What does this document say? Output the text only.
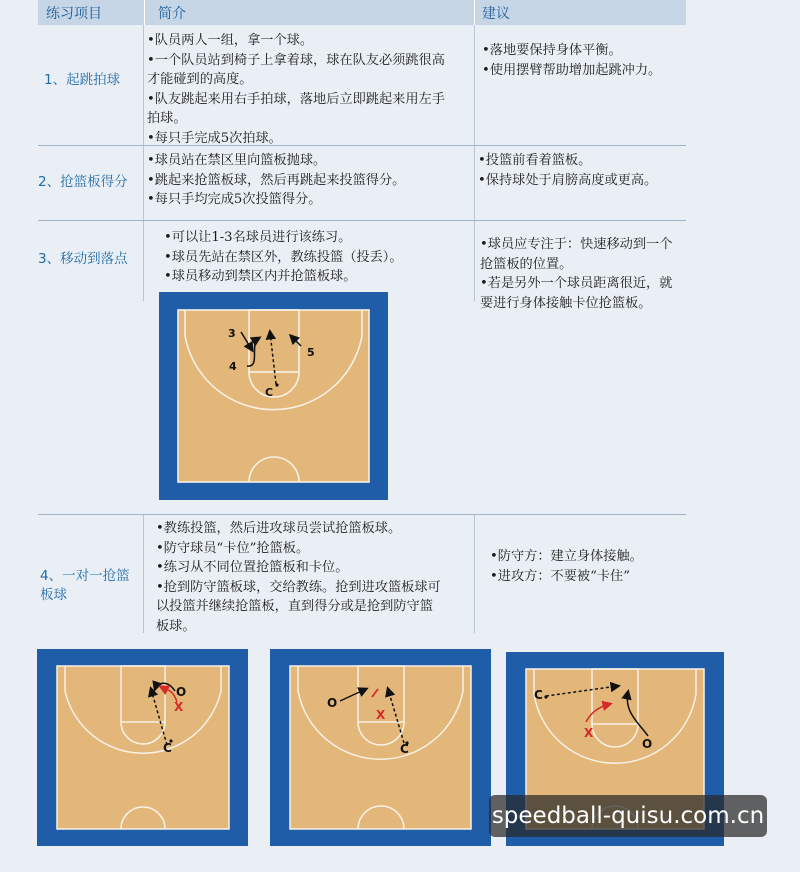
练习项目	简介	建议
1、起跳拍球

•队员两人一组，拿一个球。

•一个队员站到椅子上拿着球，球在队友必须跳很高才能碰到的高度。

•队友跳起来用右手拍球，落地后立即跳起来用左手拍球。

•每只手完成5次拍球。

•落地要保持身体平衡。

•使用摆臂帮助增加起跳冲力。

2、抢篮板得分

•球员站在禁区里向篮板抛球。

•跳起来抢篮板球，然后再跳起来投篮得分。

•每只手均完成5次投篮得分。

•投篮前看着篮板。

•保持球处于肩膀高度或更高。

3、移动到落点

•可以让1-3名球员进行该练习。

•球员先站在禁区外，教练投篮（投丢）。

•球员移动到禁区内并抢篮板球。

•球员应专注于：快速移动到一个抢篮板的位置。

•若是另外一个球员距离很近，就要进行身体接触卡位抢篮板。

3
4
5
C
4、一对一抢篮板球

•教练投篮，然后进攻球员尝试抢篮板球。

•防守球员“卡位”抢篮板。

•练习从不同位置抢篮板和卡位。

•抢到防守篮板球，交给教练。抢到进攻篮板球可以投篮并继续抢篮板，直到得分或是抢到防守篮板球。

•防守方：建立身体接触。

•进攻方：不要被“卡住”

C
O
X
C
O
X
C
O
X
speedball-quisu.com.cn
